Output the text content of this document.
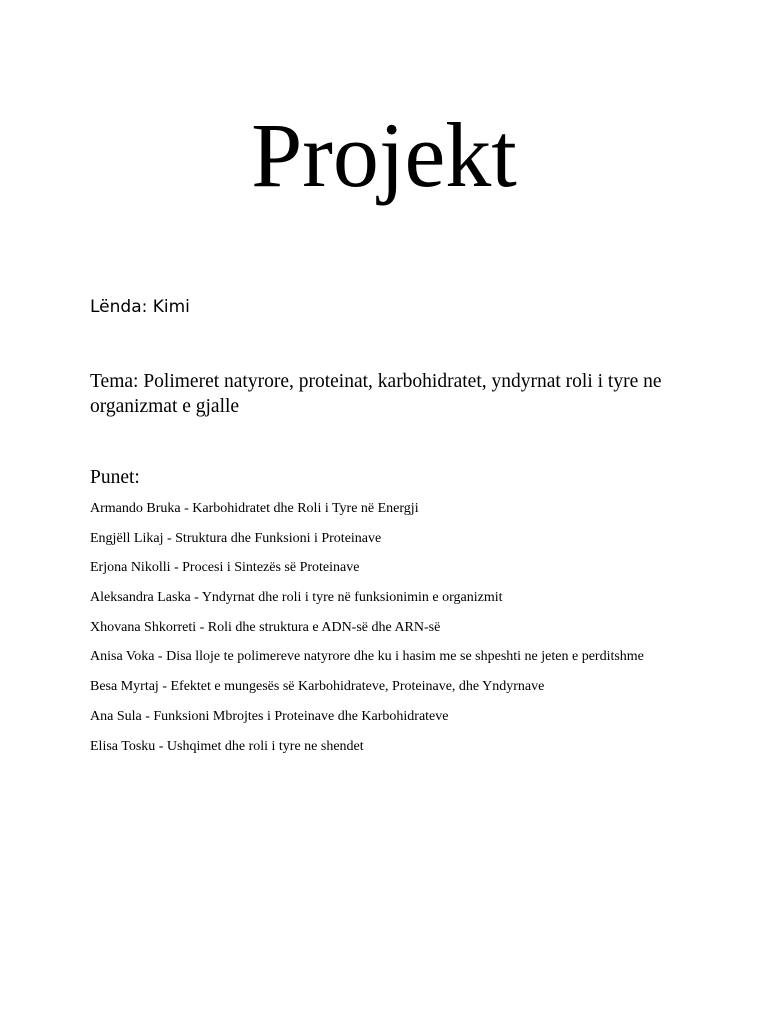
Projekt

Lënda: Kimi

Tema: Polimeret natyrore, proteinat, karbohidratet, yndyrnat roli i tyre ne organizmat e gjalle

Punet:

Armando Bruka - Karbohidratet dhe Roli i Tyre në Energji
Engjëll Likaj - Struktura dhe Funksioni i Proteinave
Erjona Nikolli - Procesi i Sintezës së Proteinave
Aleksandra Laska - Yndyrnat dhe roli i tyre në funksionimin e organizmit
Xhovana Shkorreti - Roli dhe struktura e ADN-së dhe ARN-së
Anisa Voka - Disa lloje te polimereve natyrore dhe ku i hasim me se shpeshti ne jeten e perditshme
Besa Myrtaj - Efektet e mungesës së Karbohidrateve, Proteinave, dhe Yndyrnave
Ana Sula - Funksioni Mbrojtes i Proteinave dhe Karbohidrateve
Elisa Tosku - Ushqimet dhe roli i tyre ne shendet
